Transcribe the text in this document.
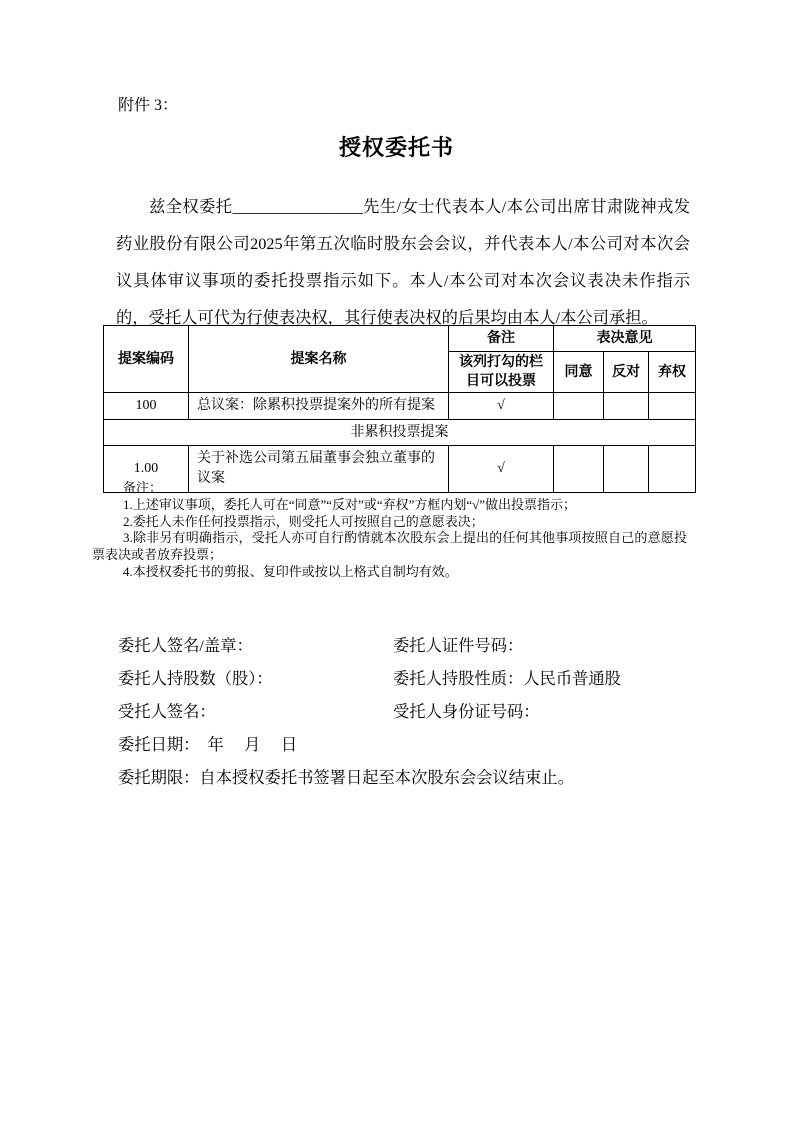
附件 3：
授权委托书
兹全权委托________________先生/女士代表本人/本公司出席甘肃陇神戎发药业股份有限公司2025年第五次临时股东会会议，并代表本人/本公司对本次会议具体审议事项的委托投票指示如下。本人/本公司对本次会议表决未作指示的，受托人可代为行使表决权，其行使表决权的后果均由本人/本公司承担。
提案编码	提案名称	备注	表决意见		
		该列打勾的栏目可以投票	同意	反对	弃权
100	总议案：除累积投票提案外的所有提案	√			
非累积投票提案					
1.00	关于补选公司第五届董事会独立董事的议案	√			
备注：
1.上述审议事项，委托人可在“同意”“反对”或“弃权”方框内划“√”做出投票指示；
2.委托人未作任何投票指示，则受托人可按照自己的意愿表决；
3.除非另有明确指示，受托人亦可自行酌情就本次股东会上提出的任何其他事项按照自己的意愿投票表决或者放弃投票；
4.本授权委托书的剪报、复印件或按以上格式自制均有效。
委托人签名/盖章：	委托人证件号码：
委托人持股数（股）：	委托人持股性质：人民币普通股
受托人签名：	受托人身份证号码：
委托日期：  年     月     日
委托期限：自本授权委托书签署日起至本次股东会会议结束止。
